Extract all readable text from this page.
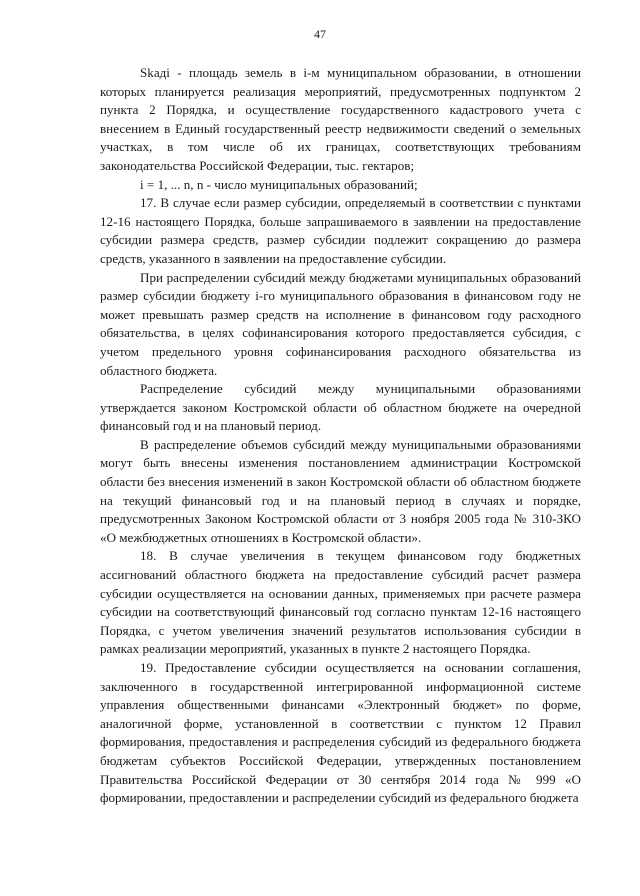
47

Skадi - площадь земель в i-м муниципальном образовании, в отношении которых планируется реализация мероприятий, предусмотренных подпунктом 2 пункта 2 Порядка, и осуществление государственного кадастрового учета с внесением в Единый государственный реестр недвижимости сведений о земельных участках, в том числе об их границах, соответствующих требованиям законодательства Российской Федерации, тыс. гектаров;

i = 1, ... n, n - число муниципальных образований;

17. В случае если размер субсидии, определяемый в соответствии с пунктами 12-16 настоящего Порядка, больше запрашиваемого в заявлении на предоставление субсидии размера средств, размер субсидии подлежит сокращению до размера средств, указанного в заявлении на предоставление субсидии.

При распределении субсидий между бюджетами муниципальных образований размер субсидии бюджету i-го муниципального образования в финансовом году не может превышать размер средств на исполнение в финансовом году расходного обязательства, в целях софинансирования которого предоставляется субсидия, с учетом предельного уровня софинансирования расходного обязательства из областного бюджета.

Распределение субсидий между муниципальными образованиями утверждается законом Костромской области об областном бюджете на очередной финансовый год и на плановый период.

В распределение объемов субсидий между муниципальными образованиями могут быть внесены изменения постановлением администрации Костромской области без внесения изменений в закон Костромской области об областном бюджете на текущий финансовый год и на плановый период в случаях и порядке, предусмотренных Законом Костромской области от 3 ноября 2005 года № 310-ЗКО «О межбюджетных отношениях в Костромской области».

18. В случае увеличения в текущем финансовом году бюджетных ассигнований областного бюджета на предоставление субсидий расчет размера субсидии осуществляется на основании данных, применяемых при расчете размера субсидии на соответствующий финансовый год согласно пунктам 12-16 настоящего Порядка, с учетом увеличения значений результатов использования субсидии в рамках реализации мероприятий, указанных в пункте 2 настоящего Порядка.

19. Предоставление субсидии осуществляется на основании соглашения, заключенного в государственной интегрированной информационной системе управления общественными финансами «Электронный бюджет» по форме, аналогичной форме, установленной в соответствии с пунктом 12 Правил формирования, предоставления и распределения субсидий из федерального бюджета бюджетам субъектов Российской Федерации, утвержденных постановлением Правительства Российской Федерации от 30 сентября 2014 года № 999 «О формировании, предоставлении и распределении субсидий из федерального бюджета
